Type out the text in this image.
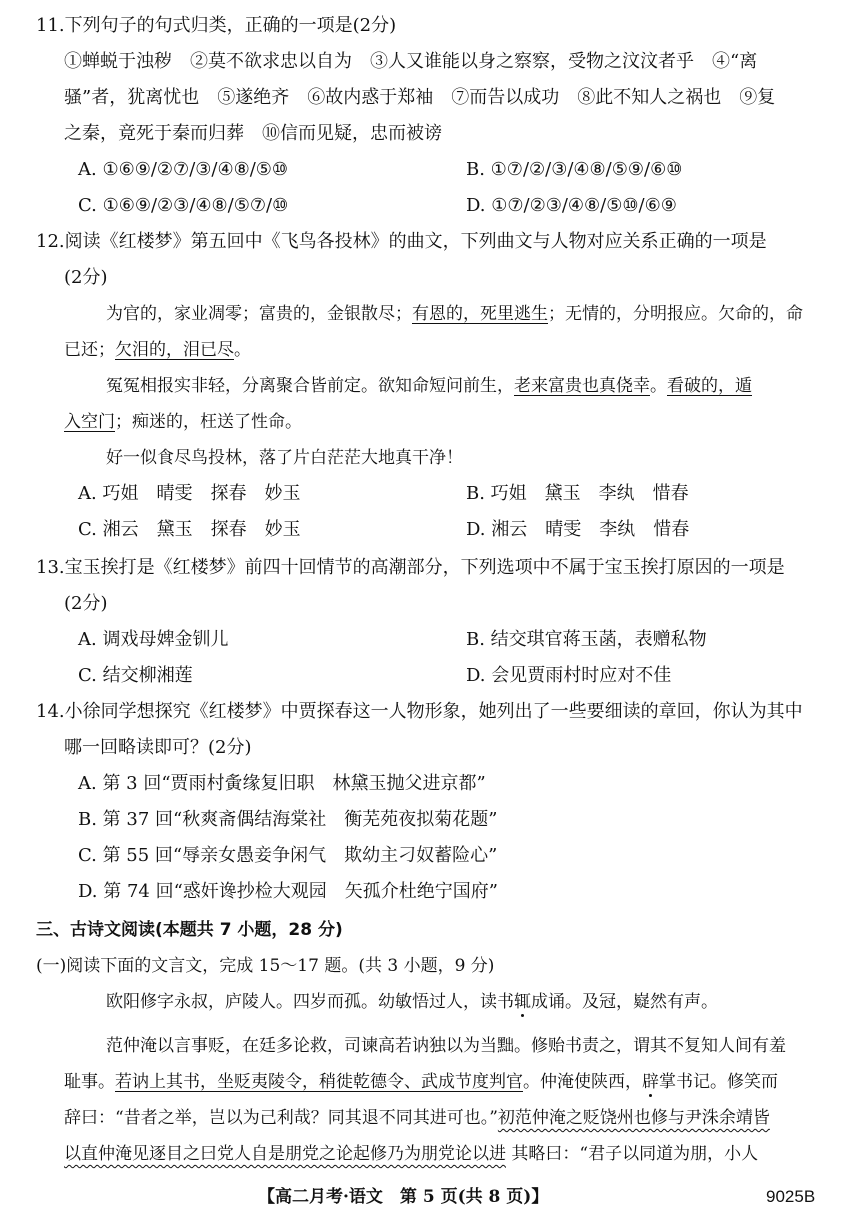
11.下列句子的句式归类，正确的一项是(2分)
①蝉蜕于浊秽　②莫不欲求忠以自为　③人又谁能以身之察察，受物之汶汶者乎　④“离
骚”者，犹离忧也　⑤遂绝齐　⑥故内惑于郑袖　⑦而告以成功　⑧此不知人之祸也　⑨复
之秦，竟死于秦而归葬　⑩信而见疑，忠而被谤
A. ①⑥⑨/②⑦/③/④⑧/⑤⑩	B. ①⑦/②/③/④⑧/⑤⑨/⑥⑩
C. ①⑥⑨/②③/④⑧/⑤⑦/⑩	D. ①⑦/②③/④⑧/⑤⑩/⑥⑨
12.阅读《红楼梦》第五回中《飞鸟各投林》的曲文，下列曲文与人物对应关系正确的一项是
(2分)
为官的，家业凋零；富贵的，金银散尽；有恩的，死里逃生；无情的，分明报应。欠命的，命
已还；欠泪的，泪已尽。
冤冤相报实非轻，分离聚合皆前定。欲知命短问前生，老来富贵也真侥幸。看破的，遁
入空门；痴迷的，枉送了性命。
好一似食尽鸟投林，落了片白茫茫大地真干净！
A. 巧姐　晴雯　探春　妙玉	B. 巧姐　黛玉　李纨　惜春
C. 湘云　黛玉　探春　妙玉	D. 湘云　晴雯　李纨　惜春
13.宝玉挨打是《红楼梦》前四十回情节的高潮部分，下列选项中不属于宝玉挨打原因的一项是
(2分)
A. 调戏母婢金钏儿	B. 结交琪官蒋玉菡，表赠私物
C. 结交柳湘莲	D. 会见贾雨村时应对不佳
14.小徐同学想探究《红楼梦》中贾探春这一人物形象，她列出了一些要细读的章回，你认为其中
哪一回略读即可？(2分)
A. 第 3 回“贾雨村夤缘复旧职　林黛玉抛父进京都”
B. 第 37 回“秋爽斋偶结海棠社　衡芜苑夜拟菊花题”
C. 第 55 回“辱亲女愚妾争闲气　欺幼主刁奴蓄险心”
D. 第 74 回“惑奸谗抄检大观园　矢孤介杜绝宁国府”
三、古诗文阅读(本题共 7 小题，28 分)
(一)阅读下面的文言文，完成 15～17 题。(共 3 小题，9 分)
欧阳修字永叔，庐陵人。四岁而孤。幼敏悟过人，读书辄成诵。及冠，嶷然有声。
范仲淹以言事贬，在廷多论救，司谏高若讷独以为当黜。修贻书责之，谓其不复知人间有羞
耻事。若讷上其书，坐贬夷陵令，稍徙乾德令、武成节度判官。仲淹使陕西，辟掌书记。修笑而
辞曰：“昔者之举，岂以为己利哉？同其退不同其进可也。”初范仲淹之贬饶州也修与尹洙余靖皆
以直仲淹见逐目之曰党人自是朋党之论起修乃为朋党论以进 其略曰：“君子以同道为朋，小人
【高二月考·语文　 第 5 页(共 8 页)】	9025B
